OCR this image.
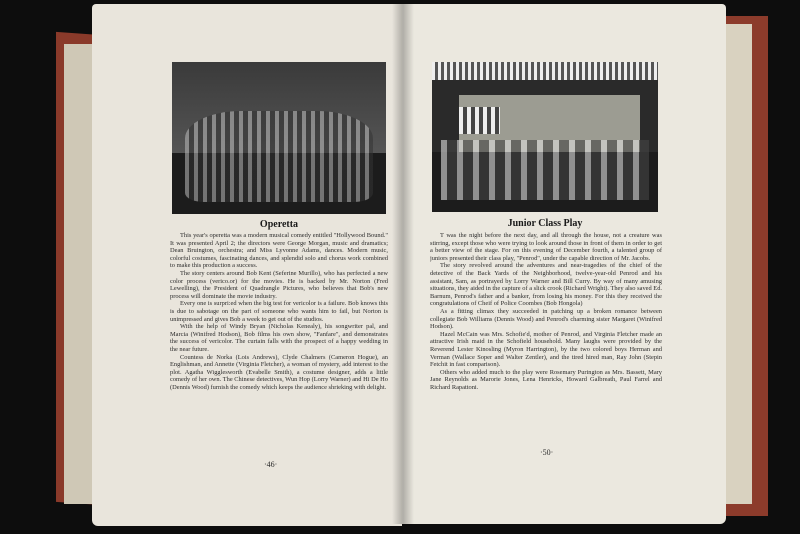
Operetta

This year's operetta was a modern musical comedy entitled "Hollywood Bound." It was presented April 2; the directors were George Morgan, music and dramatics; Dean Bruington, orchestra; and Miss Lyvonne Adams, dances. Modern music, colorful costumes, fascinating dances, and splendid solo and chorus work combined to make this production a success.

The story centers around Bob Kent (Seferine Murillo), who has perfected a new color process (verico.or) for the movies. He is backed by Mr. Norton (Fred Lewelling), the President of Quadrangle Pictures, who believes that Bob's new process will dominate the movie industry.

Every one is surpri:ed when the big test for vericolor is a failure. Bob knows this is due to sabotage on the part of someone who wants him to fail, but Norton is unimpressed and gives Bob a week to get out of the studios.

With the help of Windy Bryan (Nicholas Kenealy), his songwriter pal, and Marcia (Winifred Hodson), Bob films his own show, "Fanfare", and demonstrates the success of vericolor. The curtain falls with the prospect of a happy wedding in the near future.

Countess de Norka (Lois Andrews), Clyde Chalmers (Cameron Hogue), an Englishman, and Annette (Virginia Fletcher), a woman of mystery, add interest to the plot. Agatha Wigglesworth (Evabelle Smith), a costume designer, adds a little comedy of her own. The Chinese detectives, Wun Hop (Lorry Warner) and Hi De Ho (Dennis Wood) furnish the comedy which keeps the audience shrieking with delight.

·46·
Junior Class Play

T was the night before the next day, and all through the house, not a creature was stirring, except those who were trying to look around those in front of them in order to get a better view of the stage. For on this evening of December fourth, a talented group of juniors presented their class play, "Penrod", under the capable direction of Mr. Jacobs.

The story revolved around the adventures and near-tragedies of the chief of the detective of the Back Yards of the Neighborhood, twelve-year-old Penrod and his assistant, Sam, as portrayed by Lorry Warner and Bill Curry. By way of many amusing situations, they aided in the capture of a slick crook (Richard Wright). They also saved Ed. Barnum, Penrod's father and a banker, from losing his money. For this they received the congratulations of Cheif of Police Coombes (Bob Hongola)

As a fitting climax they succeeded in patching up a broken romance between collegiate Bob Williams (Dennis Wood) and Penrod's charming sister Margaret (Winifred Hodson).

Hazel McCain was Mrs. Schofie'd, mother of Penrod, and Virginia Fletcher made an attractive Irish maid in the Schofield household. Many laughs were provided by the Reverend Lester Kinosling (Myron Harrington), by the two colored boys Herman and Verman (Wallace Soper and Walter Zentler), and the tired hired man, Ray John (Stepin Fetchit in fast comparison).

Others who added much to the play were Rosemary Purington as Mrs. Bassett, Mary Jane Reynolds as Marorie Jones, Lena Henricks, Howard Galbreath, Paul Farrel and Richard Rapattoni.

·50·
